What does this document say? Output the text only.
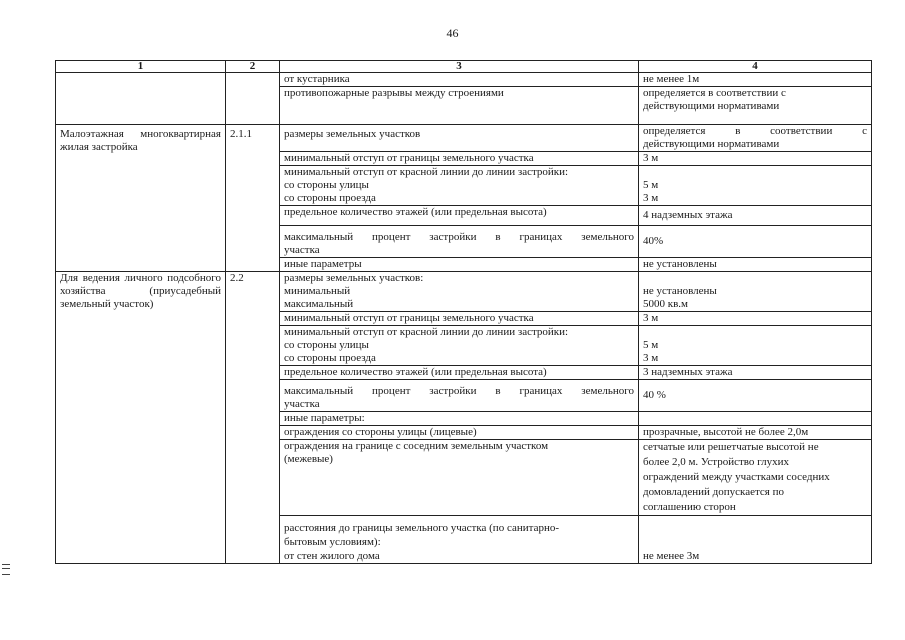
46
1	2	3	4

		от кустарника	не менее 1м

		противопожарные разрывы между строениями	определяется в соответствии с
действующими нормативами

Малоэтажная многоквартирная жилая застройка	2.1.1	размеры земельных участков	определяется в соответствии с
действующими нормативами

		минимальный отступ от границы земельного участка	3 м

		минимальный отступ от красной линии до линии застройки:
со стороны улицы
со стороны проезда	5 м
3 м

		предельное количество этажей (или предельная высота)	4 надземных этажа

		максимальный процент застройки в границах земельного
участка	40%

		иные параметры	не установлены

Для ведения личного подсобного хозяйства (приусадебный земельный участок)	2.2	размеры земельных участков:
минимальный
максимальный	не установлены
5000 кв.м

		минимальный отступ от границы земельного участка	3 м

		минимальный отступ от красной линии до линии застройки:
со стороны улицы
со стороны проезда	5 м
3 м

		предельное количество этажей (или предельная высота)	3 надземных этажа

		максимальный процент застройки в границах земельного
участка	40 %

		иные параметры:	

		ограждения со стороны улицы (лицевые)	прозрачные, высотой не более 2,0м

		ограждения на границе с соседним земельным участком
(межевые)	сетчатые или решетчатые высотой не
более 2,0 м. Устройство глухих
ограждений между участками соседних
домовладений допускается по
соглашению сторон

		расстояния до границы земельного участка (по санитарно-
бытовым условиям):
от стен жилого дома	не менее 3м
